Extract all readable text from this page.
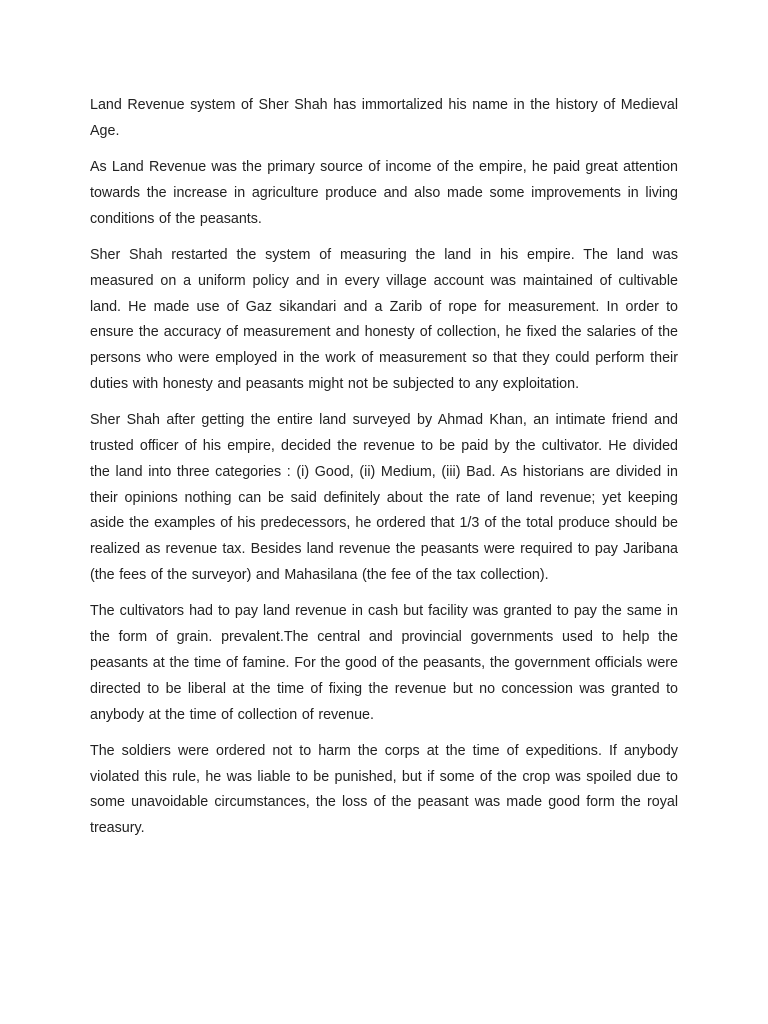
Land Revenue system of Sher Shah has immortalized his name in the history of Medieval Age.

As Land Revenue was the primary source of income of the empire, he paid great attention towards the increase in agriculture produce and also made some improvements in living conditions of the peasants.

Sher Shah restarted the system of measuring the land in his empire. The land was measured on a uniform policy and in every village account was maintained of cultivable land. He made use of Gaz sikandari and a Zarib of rope for measurement. In order to ensure the accuracy of measurement and honesty of collection, he fixed the salaries of the persons who were employed in the work of measurement so that they could perform their duties with honesty and peasants might not be subjected to any exploitation.

Sher Shah after getting the entire land surveyed by Ahmad Khan, an intimate friend and trusted officer of his empire, decided the revenue to be paid by the cultivator. He divided the land into three categories : (i) Good, (ii) Medium, (iii) Bad. As historians are divided in their opinions nothing can be said definitely about the rate of land revenue; yet keeping aside the examples of his predecessors, he ordered that 1/3 of the total produce should be realized as revenue tax. Besides land revenue the peasants were required to pay Jaribana (the fees of the surveyor) and Mahasilana (the fee of the tax collection).

The cultivators had to pay land revenue in cash but facility was granted to pay the same in the form of grain. prevalent.The central and provincial governments used to help the peasants at the time of famine. For the good of the peasants, the government officials were directed to be liberal at the time of fixing the revenue but no concession was granted to anybody at the time of collection of revenue.

The soldiers were ordered not to harm the corps at the time of expeditions. If anybody violated this rule, he was liable to be punished, but if some of the crop was spoiled due to some unavoidable circumstances, the loss of the peasant was made good form the royal treasury.
